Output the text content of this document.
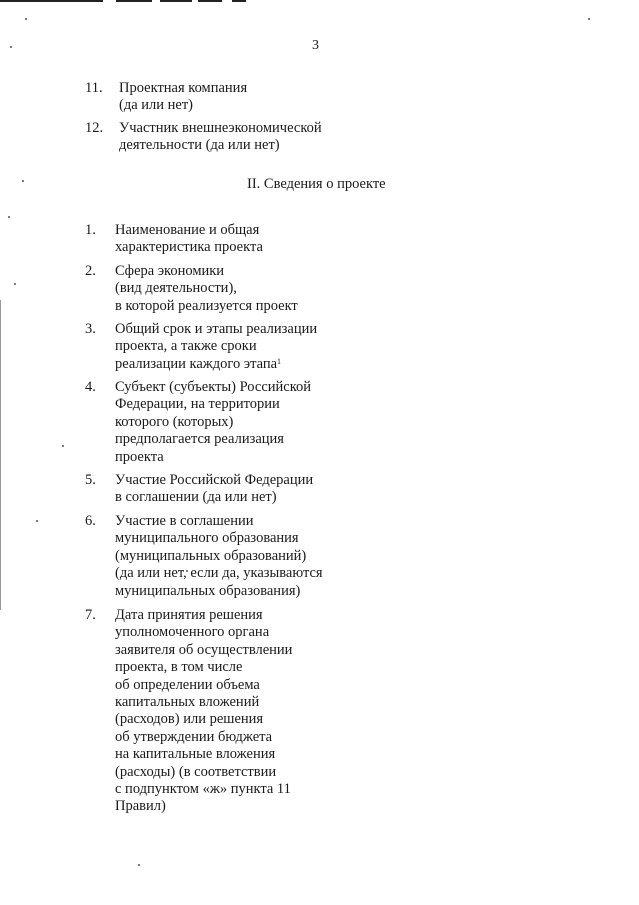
3
11. Проектная компания
(да или нет)
12. Участник внешнеэкономической
деятельности (да или нет)
II. Сведения о проекте
1. Наименование и общая
характеристика проекта
2. Сфера экономики
(вид деятельности),
в которой реализуется проект
3. Общий срок и этапы реализации
проекта, а также сроки
реализации каждого этапа$^1$
4. Субъект (субъекты) Российской
Федерации, на территории
которого (которых)
предполагается реализация
проекта
5. Участие Российской Федерации
в соглашении (да или нет)
6. Участие в соглашении
муниципального образования
(муниципальных образований)
(да или нет, если да, указываются
муниципальных образования)
7. Дата принятия решения
уполномоченного органа
заявителя об осуществлении
проекта, в том числе
об определении объема
капитальных вложений
(расходов) или решения
об утверждении бюджета
на капитальные вложения
(расходы) (в соответствии
с подпунктом «ж» пункта 11
Правил)
